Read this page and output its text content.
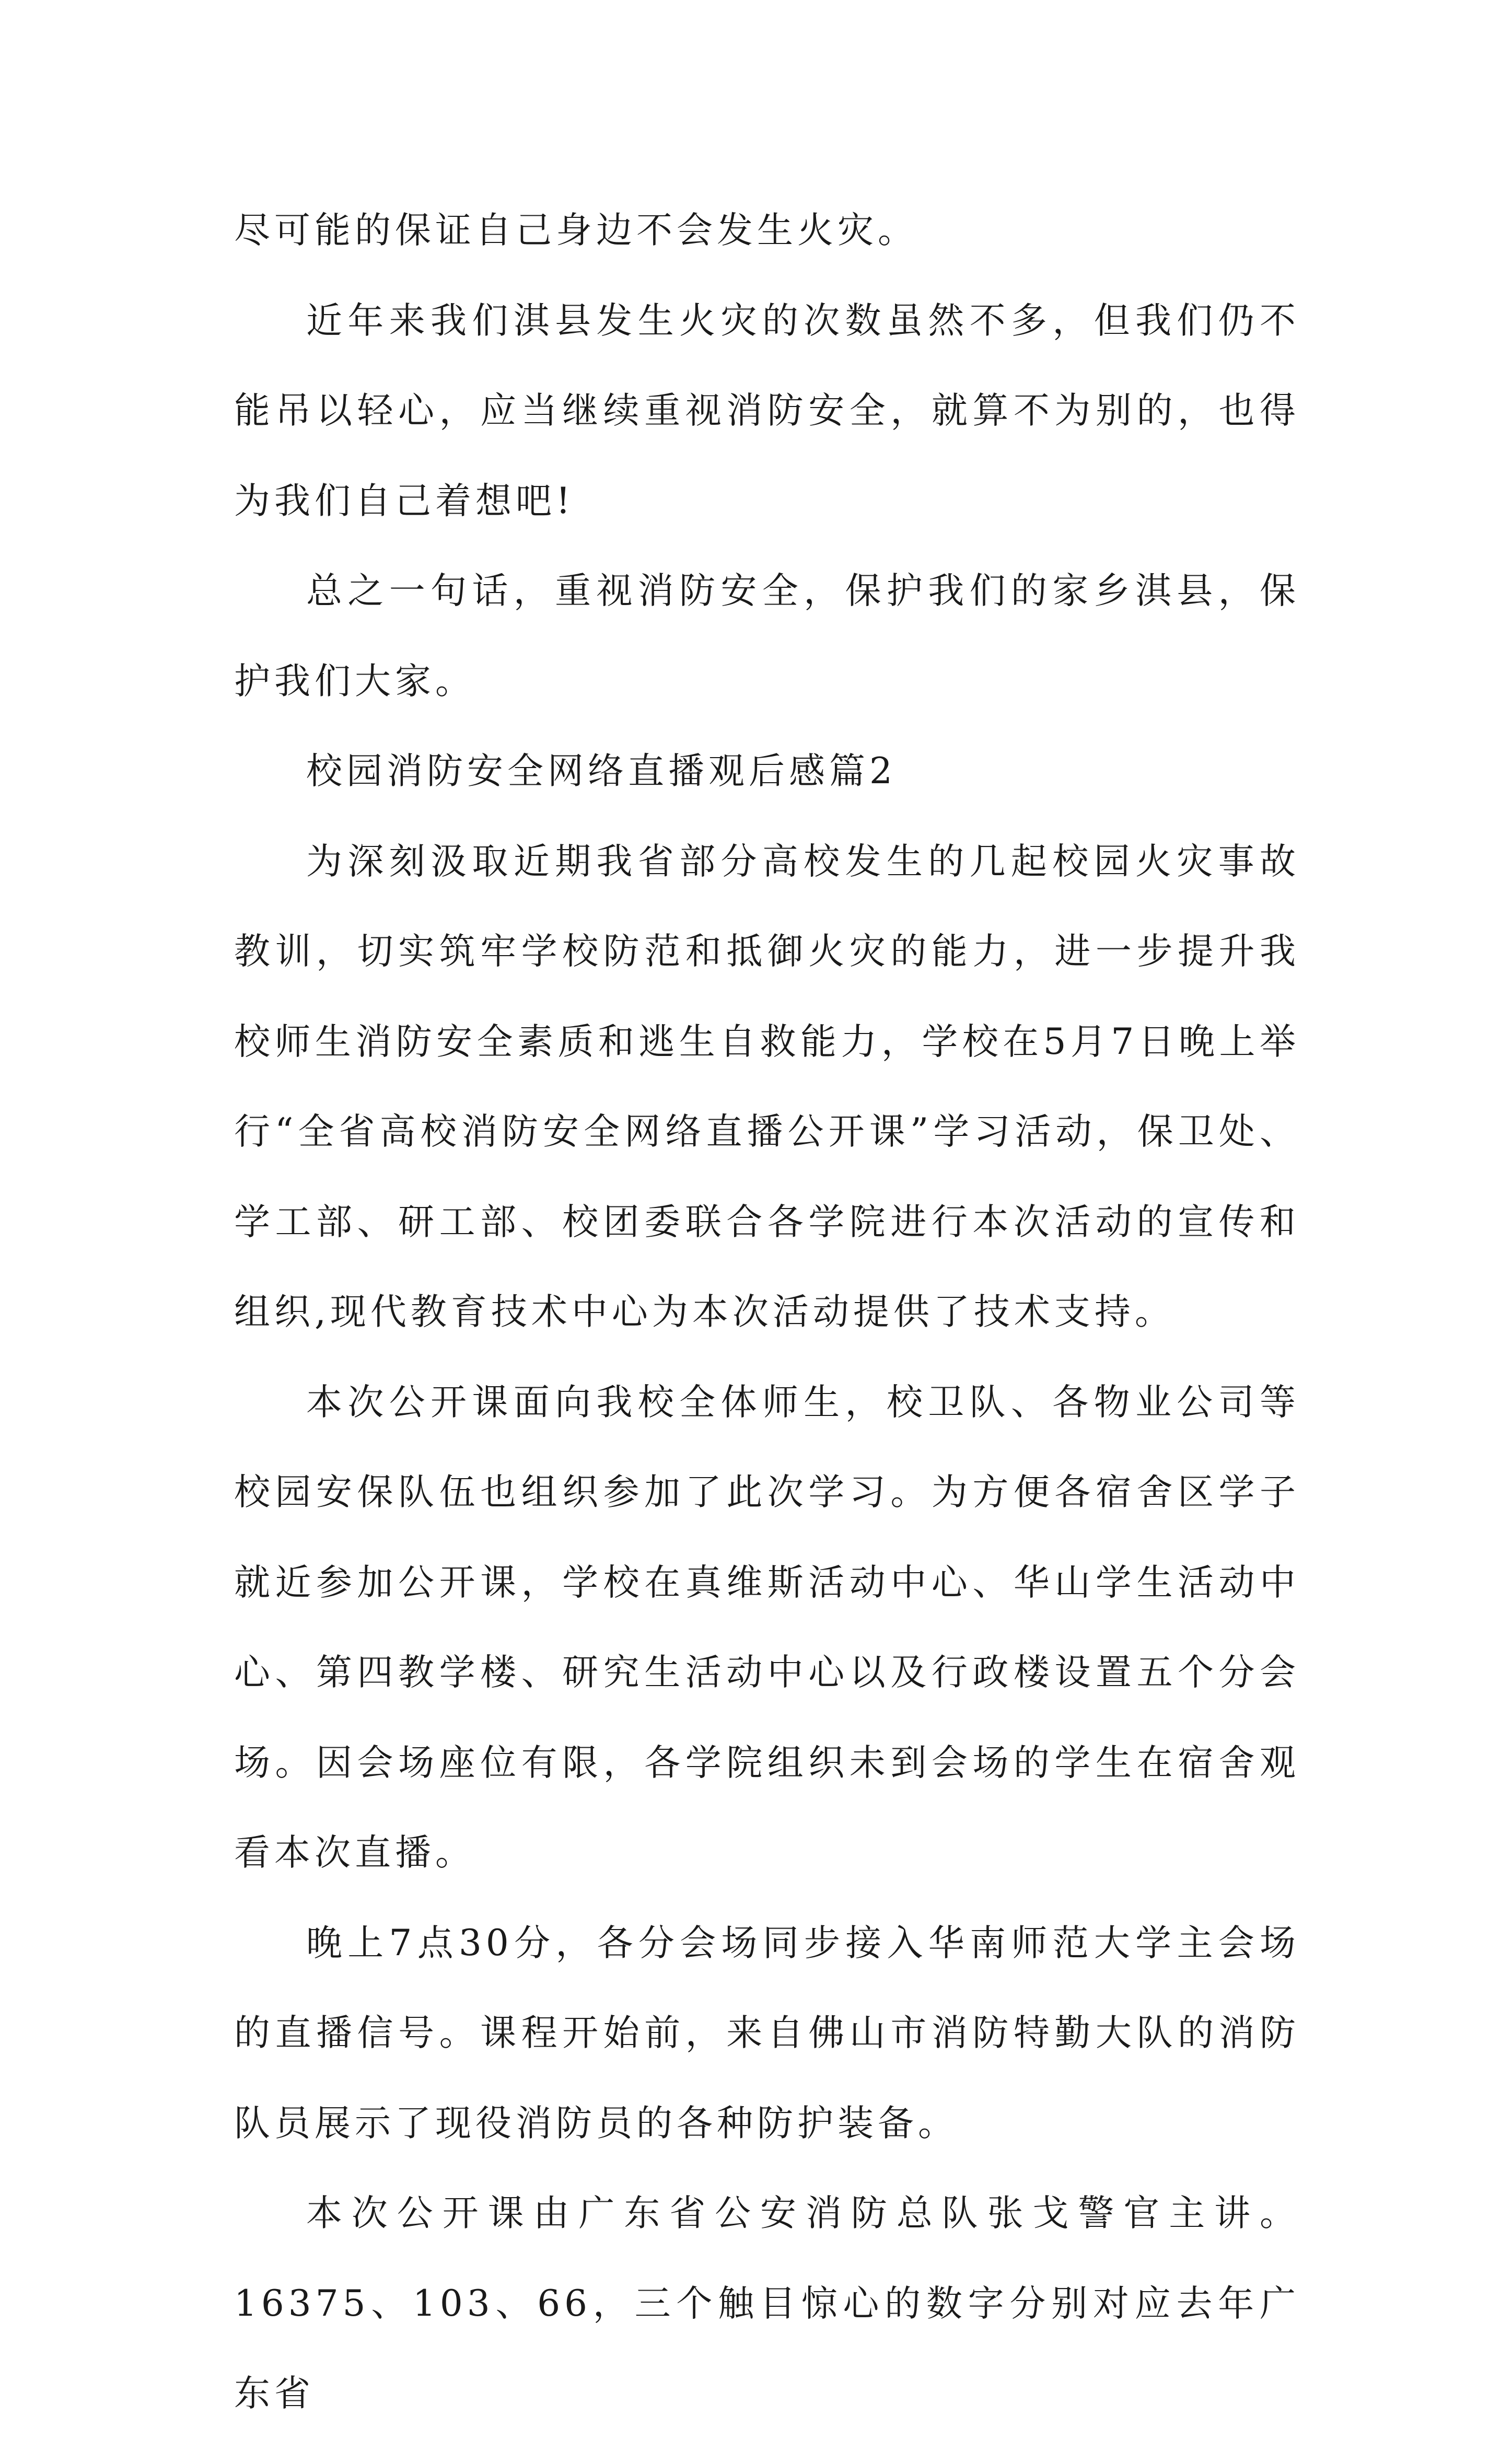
尽可能的保证自己身边不会发生火灾。

近年来我们淇县发生火灾的次数虽然不多，但我们仍不能吊以轻心，应当继续重视消防安全，就算不为别的，也得为我们自己着想吧!

总之一句话，重视消防安全，保护我们的家乡淇县，保护我们大家。

校园消防安全网络直播观后感篇2

为深刻汲取近期我省部分高校发生的几起校园火灾事故教训，切实筑牢学校防范和抵御火灾的能力，进一步提升我校师生消防安全素质和逃生自救能力，学校在5月7日晚上举行“全省高校消防安全网络直播公开课”学习活动，保卫处、学工部、研工部、校团委联合各学院进行本次活动的宣传和组织,现代教育技术中心为本次活动提供了技术支持。

本次公开课面向我校全体师生，校卫队、各物业公司等校园安保队伍也组织参加了此次学习。为方便各宿舍区学子就近参加公开课，学校在真维斯活动中心、华山学生活动中心、第四教学楼、研究生活动中心以及行政楼设置五个分会场。因会场座位有限，各学院组织未到会场的学生在宿舍观看本次直播。

晚上7点30分，各分会场同步接入华南师范大学主会场的直播信号。课程开始前，来自佛山市消防特勤大队的消防队员展示了现役消防员的各种防护装备。

本次公开课由广东省公安消防总队张戈警官主讲。16375、103、66，三个触目惊心的数字分别对应去年广东省
